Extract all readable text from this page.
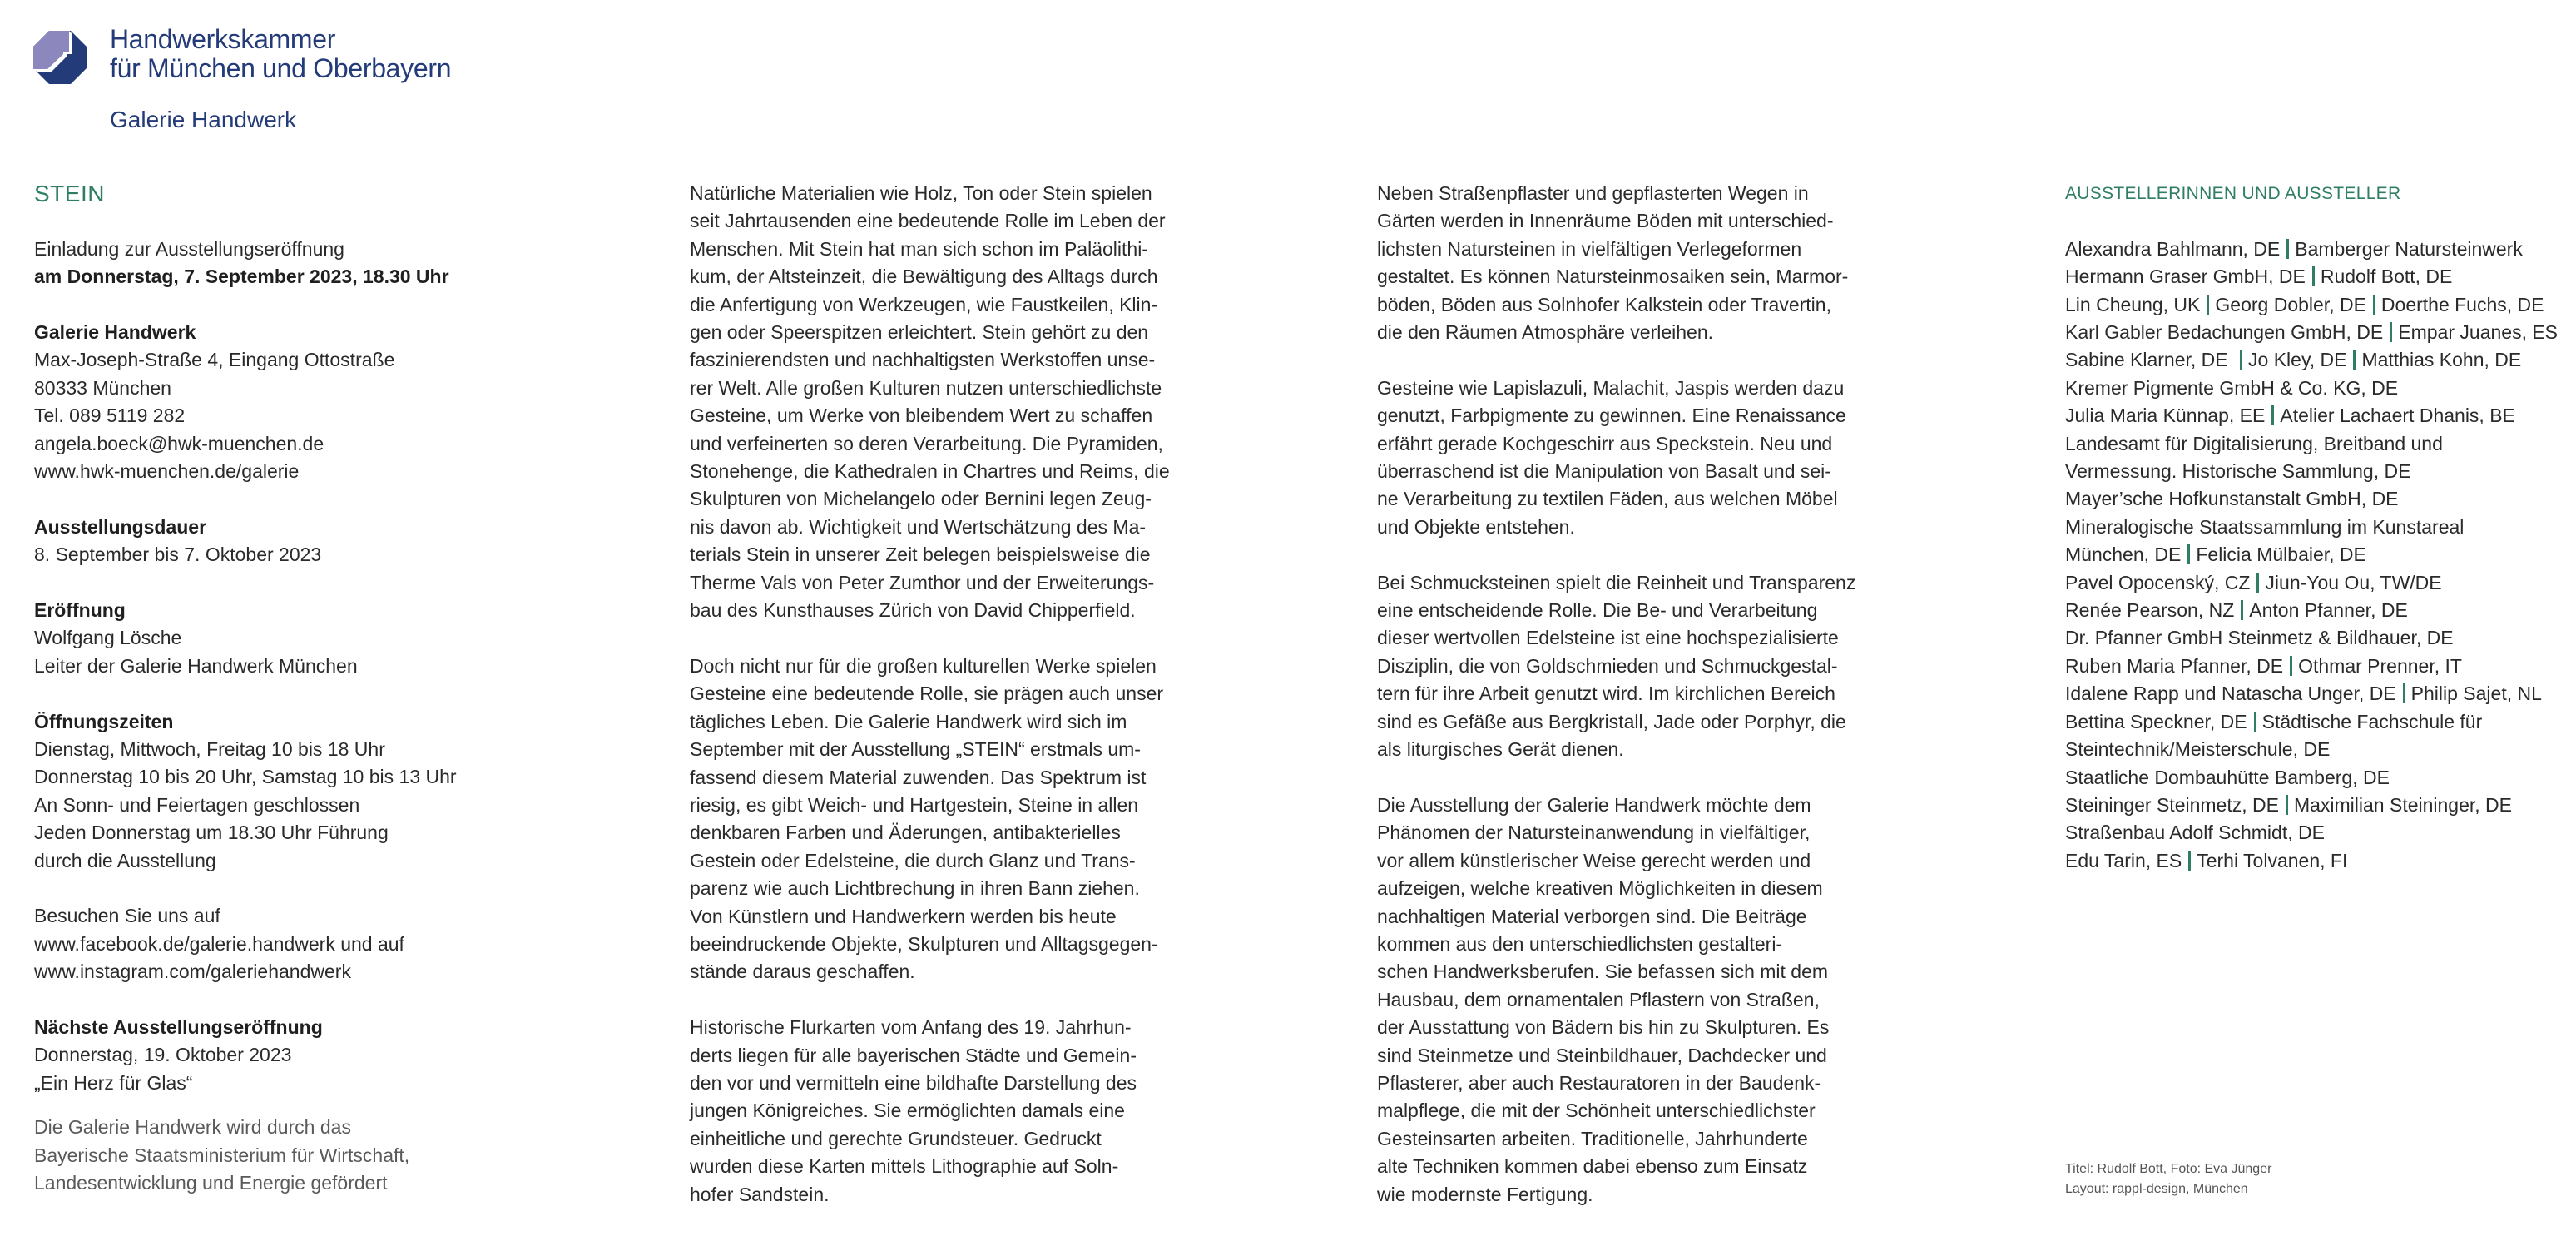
Handwerkskammer
für München und Oberbayern
Galerie Handwerk
STEIN
Einladung zur Ausstellungseröffnung
am Donnerstag, 7. September 2023, 18.30 Uhr
Galerie Handwerk
Max-Joseph-Straße 4, Eingang Ottostraße
80333 München
Tel. 089 5119 282
angela.boeck@hwk-muenchen.de
www.hwk-muenchen.de/galerie
Ausstellungsdauer
8. September bis 7. Oktober 2023
Eröffnung
Wolfgang Lösche
Leiter der Galerie Handwerk München
Öffnungszeiten
Dienstag, Mittwoch, Freitag 10 bis 18 Uhr
Donnerstag 10 bis 20 Uhr, Samstag 10 bis 13 Uhr
An Sonn- und Feiertagen geschlossen
Jeden Donnerstag um 18.30 Uhr Führung
durch die Ausstellung
Besuchen Sie uns auf
www.facebook.de/galerie.handwerk und auf
www.instagram.com/galeriehandwerk
Nächste Ausstellungseröffnung
Donnerstag, 19. Oktober 2023
„Ein Herz für Glas“
Die Galerie Handwerk wird durch das
Bayerische Staatsministerium für Wirtschaft,
Landesentwicklung und Energie gefördert
Natürliche Materialien wie Holz, Ton oder Stein spielen
seit Jahrtausenden eine bedeutende Rolle im Leben der
Menschen. Mit Stein hat man sich schon im Paläolithi-
kum, der Altsteinzeit, die Bewältigung des Alltags durch
die Anfertigung von Werkzeugen, wie Faustkeilen, Klin-
gen oder Speerspitzen erleichtert. Stein gehört zu den
faszinierendsten und nachhaltigsten Werkstoffen unse-
rer Welt. Alle großen Kulturen nutzen unterschiedlichste
Gesteine, um Werke von bleibendem Wert zu schaffen
und verfeinerten so deren Verarbeitung. Die Pyramiden,
Stonehenge, die Kathedralen in Chartres und Reims, die
Skulpturen von Michelangelo oder Bernini legen Zeug-
nis davon ab. Wichtigkeit und Wertschätzung des Ma-
terials Stein in unserer Zeit belegen beispielsweise die
Therme Vals von Peter Zumthor und der Erweiterungs-
bau des Kunsthauses Zürich von David Chipperfield.
Doch nicht nur für die großen kulturellen Werke spielen
Gesteine eine bedeutende Rolle, sie prägen auch unser
tägliches Leben. Die Galerie Handwerk wird sich im
September mit der Ausstellung „STEIN“ erstmals um-
fassend diesem Material zuwenden. Das Spektrum ist
riesig, es gibt Weich- und Hartgestein, Steine in allen
denkbaren Farben und Äderungen, antibakterielles
Gestein oder Edelsteine, die durch Glanz und Trans-
parenz wie auch Lichtbrechung in ihren Bann ziehen.
Von Künstlern und Handwerkern werden bis heute
beeindruckende Objekte, Skulpturen und Alltagsgegen-
stände daraus geschaffen.
Historische Flurkarten vom Anfang des 19. Jahrhun-
derts liegen für alle bayerischen Städte und Gemein-
den vor und vermitteln eine bildhafte Darstellung des
jungen Königreiches. Sie ermöglichten damals eine
einheitliche und gerechte Grundsteuer. Gedruckt
wurden diese Karten mittels Lithographie auf Soln-
hofer Sandstein.
Neben Straßenpflaster und gepflasterten Wegen in
Gärten werden in Innenräume Böden mit unterschied-
lichsten Natursteinen in vielfältigen Verlegeformen
gestaltet. Es können Natursteinmosaiken sein, Marmor-
böden, Böden aus Solnhofer Kalkstein oder Travertin,
die den Räumen Atmosphäre verleihen.
Gesteine wie Lapislazuli, Malachit, Jaspis werden dazu
genutzt, Farbpigmente zu gewinnen. Eine Renaissance
erfährt gerade Kochgeschirr aus Speckstein. Neu und
überraschend ist die Manipulation von Basalt und sei-
ne Verarbeitung zu textilen Fäden, aus welchen Möbel
und Objekte entstehen.
Bei Schmucksteinen spielt die Reinheit und Transparenz
eine entscheidende Rolle. Die Be- und Verarbeitung
dieser wertvollen Edelsteine ist eine hochspezialisierte
Disziplin, die von Goldschmieden und Schmuckgestal-
tern für ihre Arbeit genutzt wird. Im kirchlichen Bereich
sind es Gefäße aus Bergkristall, Jade oder Porphyr, die
als liturgisches Gerät dienen.
Die Ausstellung der Galerie Handwerk möchte dem
Phänomen der Natursteinanwendung in vielfältiger,
vor allem künstlerischer Weise gerecht werden und
aufzeigen, welche kreativen Möglichkeiten in diesem
nachhaltigen Material verborgen sind. Die Beiträge
kommen aus den unterschiedlichsten gestalteri-
schen Handwerksberufen. Sie befassen sich mit dem
Hausbau, dem ornamentalen Pflastern von Straßen,
der Ausstattung von Bädern bis hin zu Skulpturen. Es
sind Steinmetze und Steinbildhauer, Dachdecker und
Pflasterer, aber auch Restauratoren in der Baudenk-
malpflege, die mit der Schönheit unterschiedlichster
Gesteinsarten arbeiten. Traditionelle, Jahrhunderte
alte Techniken kommen dabei ebenso zum Einsatz
wie modernste Fertigung.
AUSSTELLERINNEN UND AUSSTELLER
Alexandra Bahlmann, DE Bamberger Natursteinwerk
Hermann Graser GmbH, DE Rudolf Bott, DE
Lin Cheung, UK Georg Dobler, DE Doerthe Fuchs, DE
Karl Gabler Bedachungen GmbH, DE Empar Juanes, ES
Sabine Klarner, DE Jo Kley, DE Matthias Kohn, DE
Kremer Pigmente GmbH & Co. KG, DE
Julia Maria Künnap, EE Atelier Lachaert Dhanis, BE
Landesamt für Digitalisierung, Breitband und
Vermessung. Historische Sammlung, DE
Mayer’sche Hofkunstanstalt GmbH, DE
Mineralogische Staatssammlung im Kunstareal
München, DE Felicia Mülbaier, DE
Pavel Opocenský, CZ Jiun-You Ou, TW/DE
Renée Pearson, NZ Anton Pfanner, DE
Dr. Pfanner GmbH Steinmetz & Bildhauer, DE
Ruben Maria Pfanner, DE Othmar Prenner, IT
Idalene Rapp und Natascha Unger, DE Philip Sajet, NL
Bettina Speckner, DE Städtische Fachschule für
Steintechnik/Meisterschule, DE
Staatliche Dombauhütte Bamberg, DE
Steininger Steinmetz, DE Maximilian Steininger, DE
Straßenbau Adolf Schmidt, DE
Edu Tarin, ES Terhi Tolvanen, FI
Titel: Rudolf Bott, Foto: Eva Jünger
Layout: rappl-design, München
